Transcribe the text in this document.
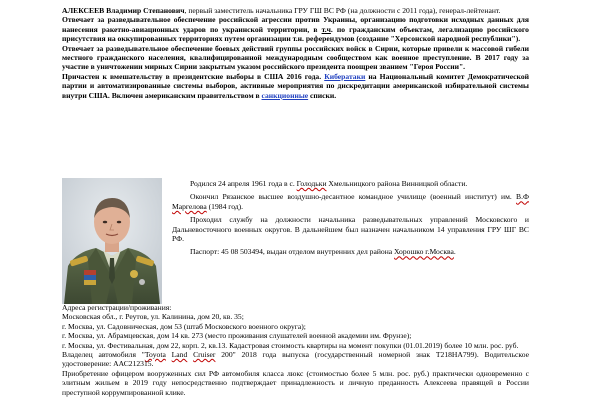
АЛЕКСЕЕВ Владимир Степанович, первый заместитель начальника ГРУ ГШ ВС РФ (на должности с 2011 года), генерал-лейтенант.

Отвечает за разведывательное обеспечение российской агрессии против Украины, организацию подготовки исходных данных для нанесения ракетно-авиационных ударов по украинской территории, в т.ч. по гражданским объектам, легализацию российского присутствия на оккупированных территориях путем организации т.н. референдумов (создание "Херсонской народной республики").

Отвечает за разведывательное обеспечение боевых действий группы российских войск в Сирии, которые привели к массовой гибели местного гражданского населения, квалифицированной международным сообществом как военное преступление. В 2017 году за участие в уничтожении мирных Сирии закрытым указом российского президента поощрен званием "Героя России".

Причастен к вмешательству в президентские выборы в США 2016 года. Кибератаки на Национальный комитет Демократической партии и автоматизированные системы выборов, активные мероприятия по дискредитации американской избирательной системы внутри США. Включен американским правительством в санкционные списки.

Родился 24 апреля 1961 года в с. Голодьки Хмельницкого района Винницкой области.

Окончил Рязанское высшее воздушно-десантное командное училище (военный институт) им. В.Ф Маргелова (1984 год).

Проходил службу на должности начальника разведывательных управлений Московского и Дальневосточного военных округов. В дальнейшем был назначен начальником 14 управления ГРУ ШГ ВС РФ.

Паспорт: 45 08 503494, выдан отделом внутренних дел района Хорошко г.Москва.

Адреса регистрации/проживания:

Московская обл., г. Реутов, ул. Калинина, дом 20, кв. 35;

г. Москва, ул. Садовническая, дом 53 (штаб Московского военного округа);

г. Москва, ул. Абрамцевская, дом 14 кв. 273 (место проживания слушателей военной академии им. Фрунзе);

г. Москва, ул. Фестивальная, дом 22, корп. 2, кв.13. Кадастровая стоимость квартиры на момент покупки (01.01.2019) более 10 млн. рос. руб.

Владелец автомобиля "Toyota Land Cruiser 200" 2018 года выпуска (государственный номерной знак Т218НА799). Водительское удостоверение: ААС212315.

Приобретение офицером вооруженных сил РФ автомобиля класса люкс (стоимостью более 5 млн. рос. руб.) практически одновременно с элитным жильем в 2019 году непосредственно подтверждает принадлежность и личную преданность Алексеева правящей в России преступной коррумпированной клике.
